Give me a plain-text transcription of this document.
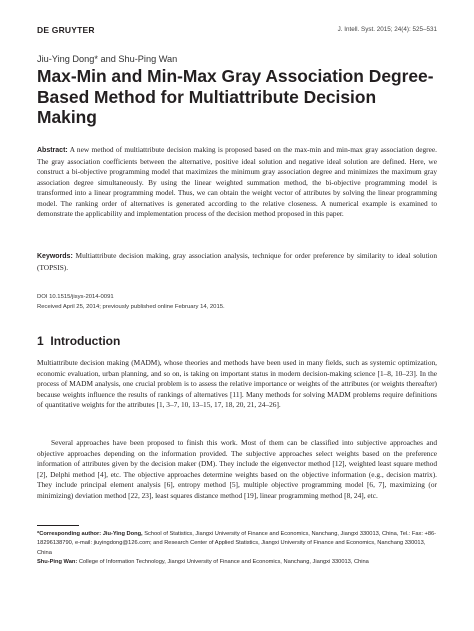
DE GRUYTER	J. Intell. Syst. 2015; 24(4): 525–531
Jiu-Ying Dong* and Shu-Ping Wan
Max-Min and Min-Max Gray Association Degree-Based Method for Multiattribute Decision Making
Abstract: A new method of multiattribute decision making is proposed based on the max-min and min-max gray association degree. The gray association coefficients between the alternative, positive ideal solution and negative ideal solution are defined. Here, we construct a bi-objective programming model that maximizes the minimum gray association degree and minimizes the maximum gray association degree simultaneously. By using the linear weighted summation method, the bi-objective programming model is transformed into a linear programming model. Thus, we can obtain the weight vector of attributes by solving the linear programming model. The ranking order of alternatives is generated according to the relative closeness. A numerical example is examined to demonstrate the applicability and implementation process of the decision method proposed in this paper.
Keywords: Multiattribute decision making, gray association analysis, technique for order preference by similarity to ideal solution (TOPSIS).
DOI 10.1515/jisys-2014-0091
Received April 25, 2014; previously published online February 14, 2015.
1 Introduction
Multiattribute decision making (MADM), whose theories and methods have been used in many fields, such as systemic optimization, economic evaluation, urban planning, and so on, is taking on important status in modern decision-making science [1–8, 10–23]. In the process of MADM analysis, one crucial problem is to assess the relative importance or weights of the attributes (or weights thereafter) because weights influence the results of rankings of alternatives [11]. Many methods for solving MADM problems require definitions of quantitative weights for the attributes [1, 3–7, 10, 13–15, 17, 18, 20, 21, 24–26].
Several approaches have been proposed to finish this work. Most of them can be classified into subjective approaches and objective approaches depending on the information provided. The subjective approaches select weights based on the preference information of attributes given by the decision maker (DM). They include the eigenvector method [12], weighted least square method [2], Delphi method [4], etc. The objective approaches determine weights based on the objective information (e.g., decision matrix). They include principal element analysis [6], entropy method [5], multiple objective programming model [6, 7], maximizing (or minimizing) deviation method [22, 23], least squares distance method [19], linear programming method [8, 24], etc.
*Corresponding author: Jiu-Ying Dong, School of Statistics, Jiangxi University of Finance and Economics, Nanchang, Jiangxi 330013, China, Tel.: Fax: +86-18296138790, e-mail: jiuyingdong@126.com; and Research Center of Applied Statistics, Jiangxi University of Finance and Economics, Nanchang 330013, China
Shu-Ping Wan: College of Information Technology, Jiangxi University of Finance and Economics, Nanchang, Jiangxi 330013, China
